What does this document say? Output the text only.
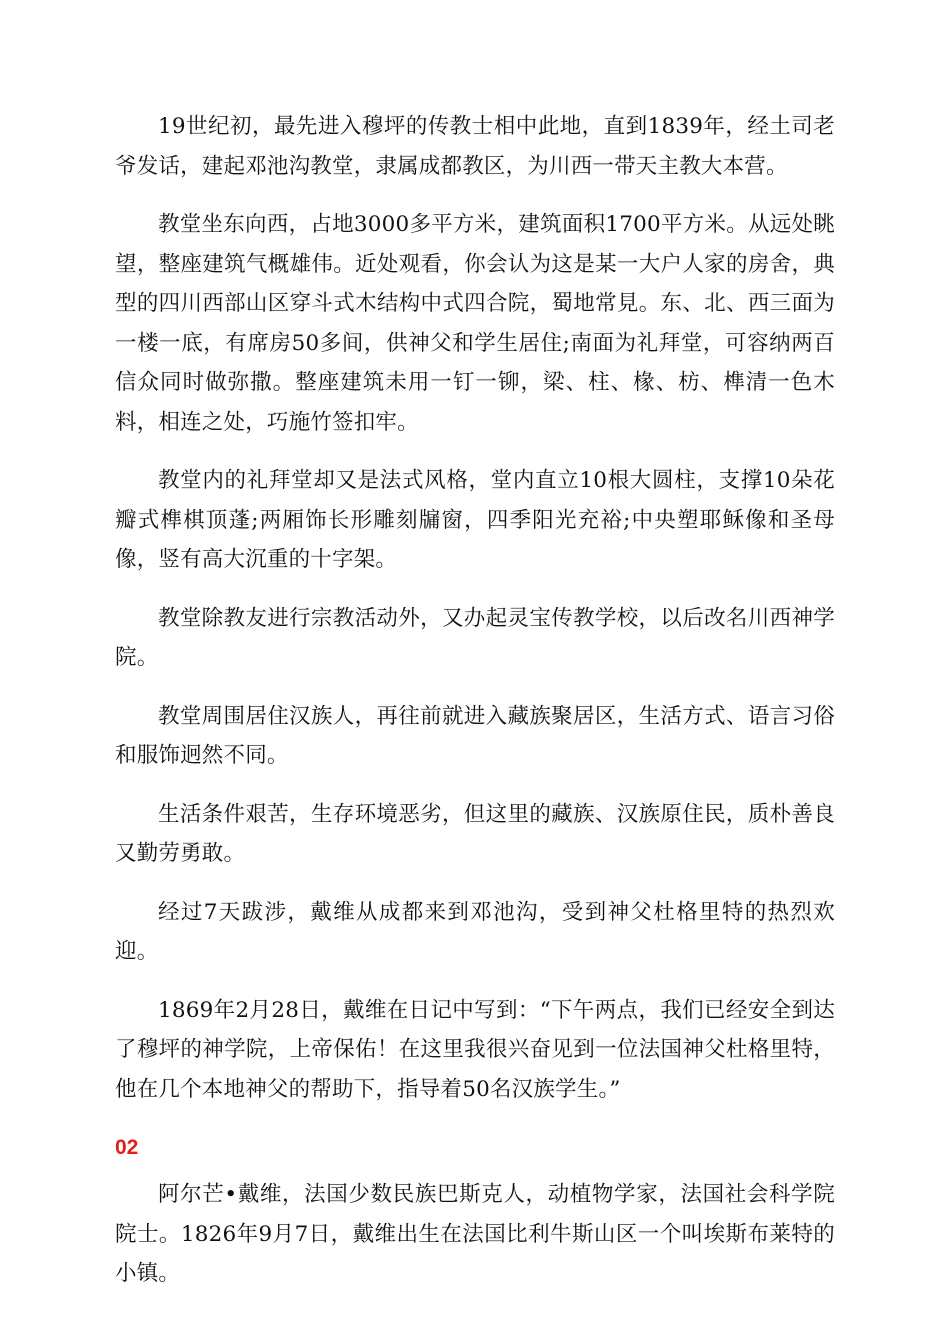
19世纪初，最先进入穆坪的传教士相中此地，直到1839年，经土司老爷发话，建起邓池沟教堂，隶属成都教区，为川西一带天主教大本营。

教堂坐东向西，占地3000多平方米，建筑面积1700平方米。从远处眺望，整座建筑气概雄伟。近处观看，你会认为这是某一大户人家的房舍，典型的四川西部山区穿斗式木结构中式四合院，蜀地常見。东、北、西三面为一楼一底，有席房50多间，供神父和学生居住;南面为礼拜堂，可容纳两百信众同时做弥撒。整座建筑未用一钉一铆，梁、柱、椽、枋、榫清一色木料，相连之处，巧施竹签扣牢。

教堂内的礼拜堂却又是法式风格，堂内直立10根大圆柱，支撑10朵花瓣式榫棋顶蓬;两厢饰长形雕刻牖窗，四季阳光充裕;中央塑耶稣像和圣母像，竖有高大沉重的十字架。

教堂除教友进行宗教活动外，又办起灵宝传教学校，以后改名川西神学院。

教堂周围居住汉族人，再往前就进入藏族聚居区，生活方式、语言习俗和服饰迥然不同。

生活条件艰苦，生存环境恶劣，但这里的藏族、汉族原住民，质朴善良又勤劳勇敢。

经过7天跋涉，戴维从成都来到邓池沟，受到神父杜格里特的热烈欢迎。

1869年2月28日，戴维在日记中写到：“下午两点，我们已经安全到达了穆坪的神学院，上帝保佑！在这里我很兴奋见到一位法国神父杜格里特，他在几个本地神父的帮助下，指导着50名汉族学生。”

02

阿尔芒•戴维，法国少数民族巴斯克人，动植物学家，法国社会科学院院士。1826年9月7日，戴维出生在法国比利牛斯山区一个叫埃斯布莱特的小镇。
